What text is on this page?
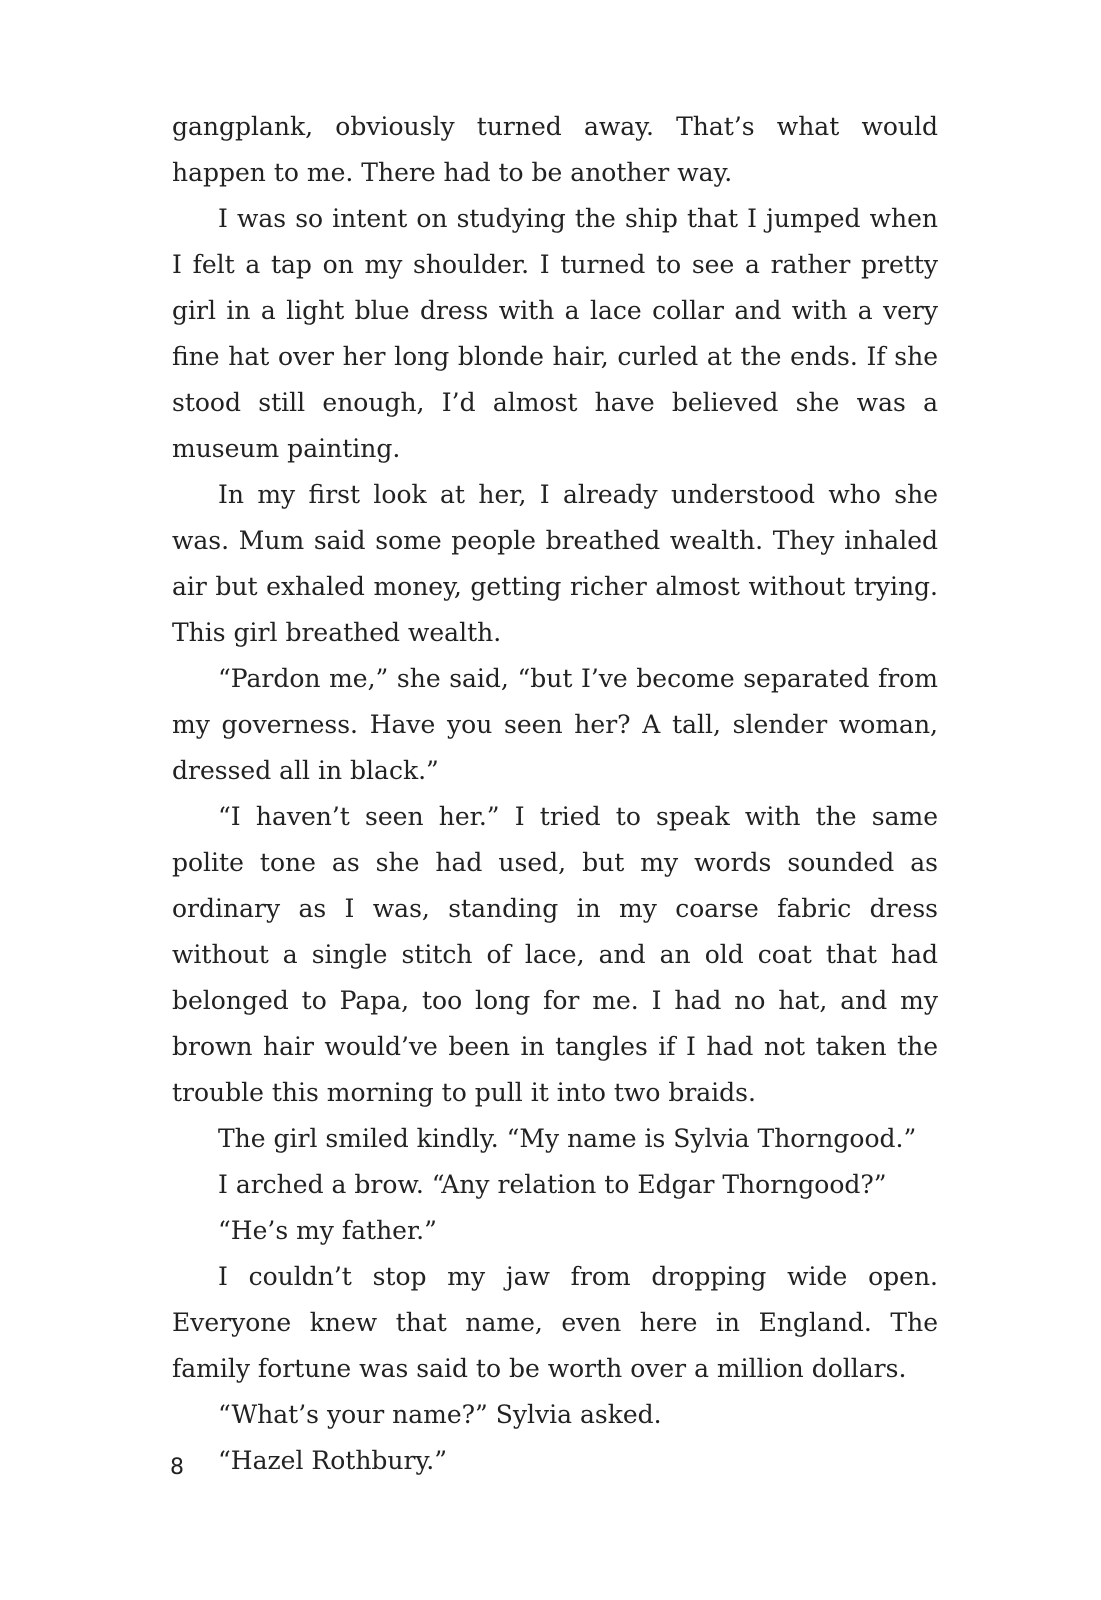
gangplank, obviously turned away. That’s what would happen to me. There had to be another way.

I was so intent on studying the ship that I jumped when I felt a tap on my shoulder. I turned to see a rather pretty girl in a light blue dress with a lace collar and with a very fine hat over her long blonde hair, curled at the ends. If she stood still enough, I’d almost have believed she was a museum painting.

In my first look at her, I already understood who she was. Mum said some people breathed wealth. They inhaled air but exhaled money, getting richer almost without trying. This girl breathed wealth.

“Pardon me,” she said, “but I’ve become separated from my governess. Have you seen her? A tall, slender woman, dressed all in black.”

“I haven’t seen her.” I tried to speak with the same polite tone as she had used, but my words sounded as ordinary as I was, standing in my coarse fabric dress without a single stitch of lace, and an old coat that had belonged to Papa, too long for me. I had no hat, and my brown hair would’ve been in tangles if I had not taken the trouble this morning to pull it into two braids.

The girl smiled kindly. “My name is Sylvia Thorngood.”

I arched a brow. “Any relation to Edgar Thorngood?”

“He’s my father.”

I couldn’t stop my jaw from dropping wide open. Everyone knew that name, even here in England. The family fortune was said to be worth over a million dollars.

“What’s your name?” Sylvia asked.

“Hazel Rothbury.”

8
